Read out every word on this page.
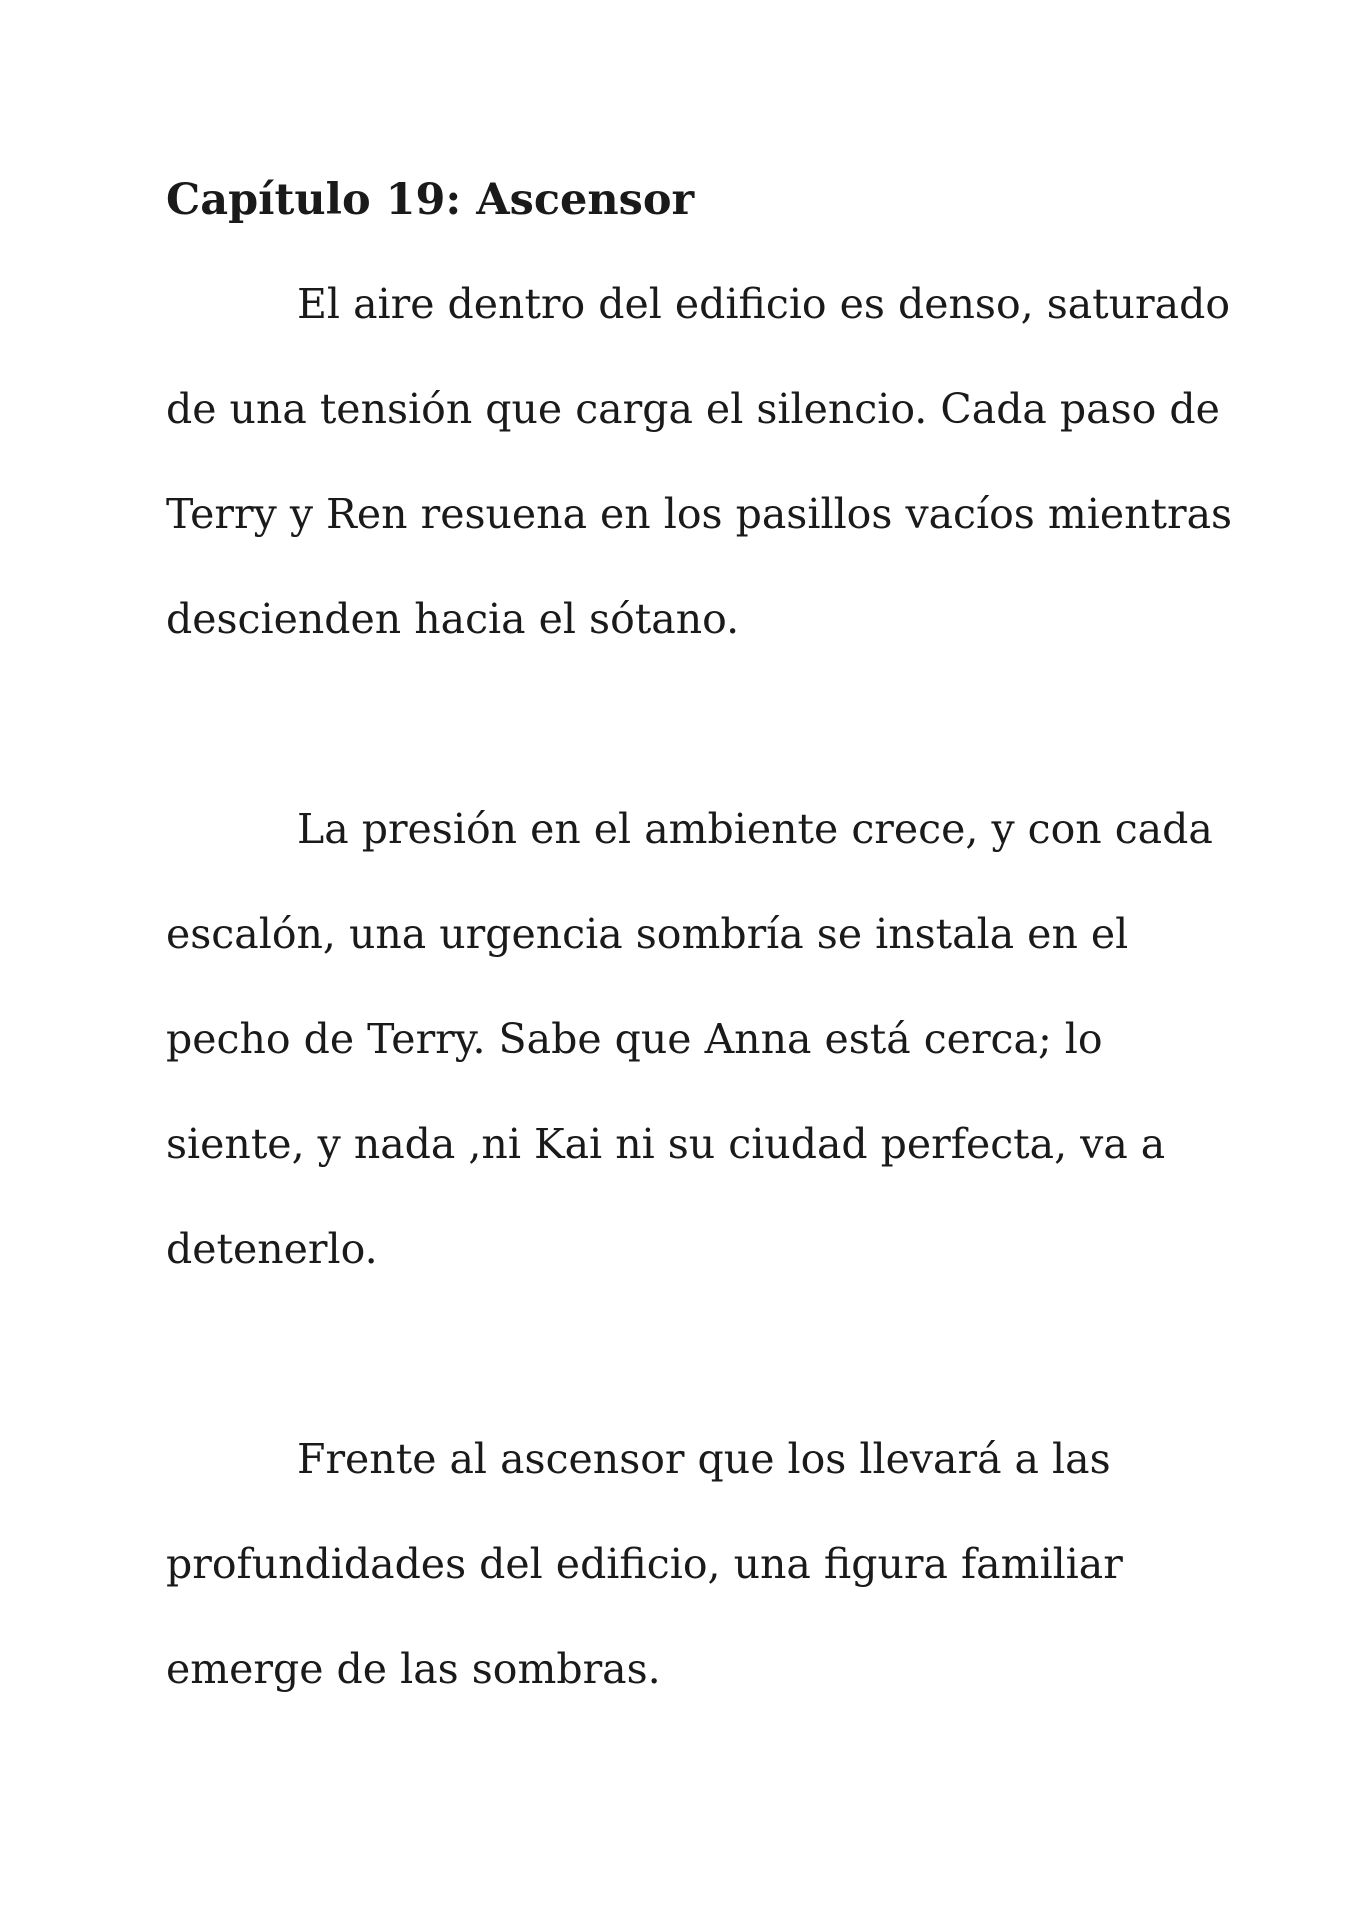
Capítulo 19: Ascensor

El aire dentro del edificio es denso, saturado

de una tensión que carga el silencio. Cada paso de

Terry y Ren resuena en los pasillos vacíos mientras

descienden hacia el sótano.

La presión en el ambiente crece, y con cada

escalón, una urgencia sombría se instala en el

pecho de Terry. Sabe que Anna está cerca; lo

siente, y nada ,ni Kai ni su ciudad perfecta, va a

detenerlo.

Frente al ascensor que los llevará a las

profundidades del edificio, una figura familiar

emerge de las sombras.
